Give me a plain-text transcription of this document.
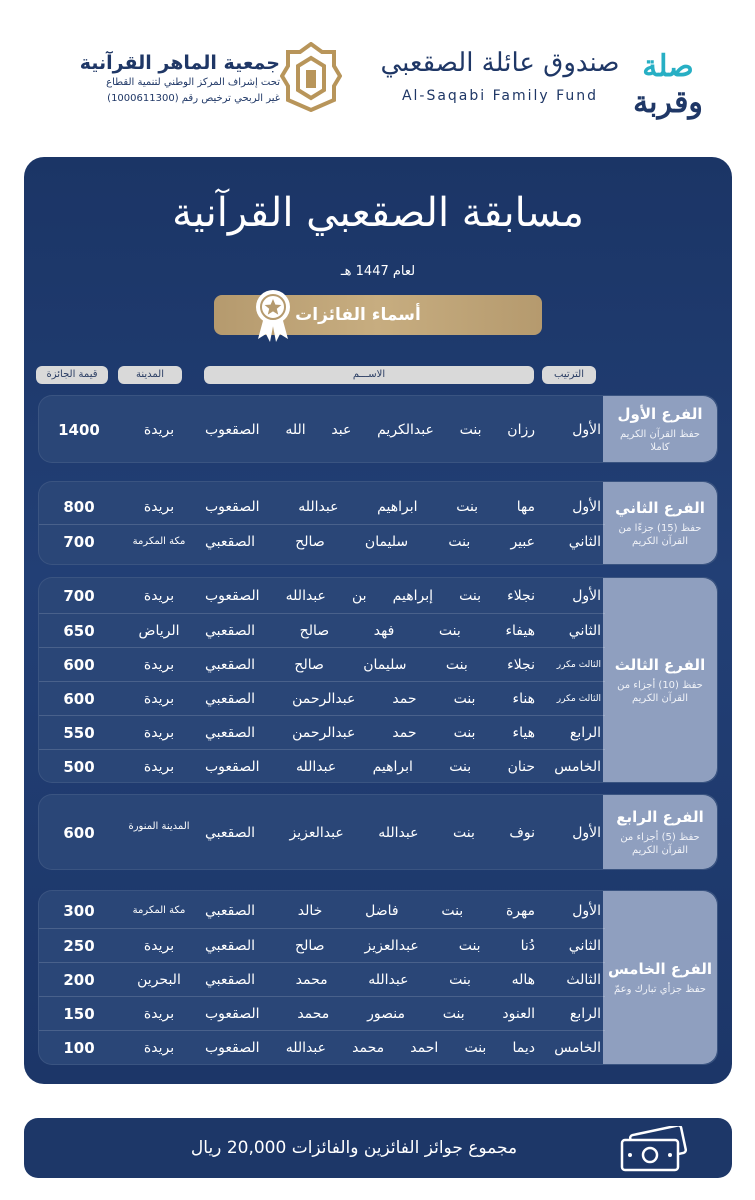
جمعية الماهر القرآنية
تحت إشراف المركز الوطني لتنمية القطاع
غير الربحي ترخيص رقم (1000611300)
صندوق عائلة الصقعبي
Al-Saqabi Family Fund
صلة
وقربة
مسابقة الصقعبي القرآنية
لعام 1447 هـ
أسماء الفائزات
الترتيب
الاســـم
المدينة
قيمة الجائزة
الفرع الأول
حفظ القرآن الكريم كاملا
الأول
رزان بنت عبدالكريم عبد الله الصقعوب
بريدة
1400
الفرع الثاني
حفظ (15) جزءًا من القرآن الكريم
الأول
مها بنت ابراهيم عبدالله الصقعوب
بريدة
800
الثاني
عبير بنت سليمان صالح الصقعبي
مكة المكرمة
700
الفرع الثالث
حفظ (10) أجزاء من القرآن الكريم
الأول
نجلاء بنت إبراهيم بن عبدالله الصقعوب
بريدة
700
الثاني
هيفاء بنت فهد صالح الصقعبي
الرياض
650
الثالث مكرر
نجلاء بنت سليمان صالح الصقعبي
بريدة
600
الثالث مكرر
هناء بنت حمد عبدالرحمن الصقعبي
بريدة
600
الرابع
هياء بنت حمد عبدالرحمن الصقعبي
بريدة
550
الخامس
حنان بنت ابراهيم عبدالله الصقعوب
بريدة
500
الفرع الرابع
حفظ (5) أجزاء من القرآن الكريم
الأول
نوف بنت عبدالله عبدالعزيز الصقعبي
المدينة المنورة
600
الفرع الخامس
حفظ جزأي تبارك وعمّ
الأول
مهرة بنت فاضل خالد الصقعبي
مكة المكرمة
300
الثاني
دُنا بنت عبدالعزيز صالح الصقعبي
بريدة
250
الثالث
هاله بنت عبدالله محمد الصقعبي
البحرين
200
الرابع
العنود بنت منصور محمد الصقعوب
بريدة
150
الخامس
ديما بنت احمد محمد عبدالله الصقعوب
بريدة
100
مجموع جوائز الفائزين والفائزات 20,000 ريال
